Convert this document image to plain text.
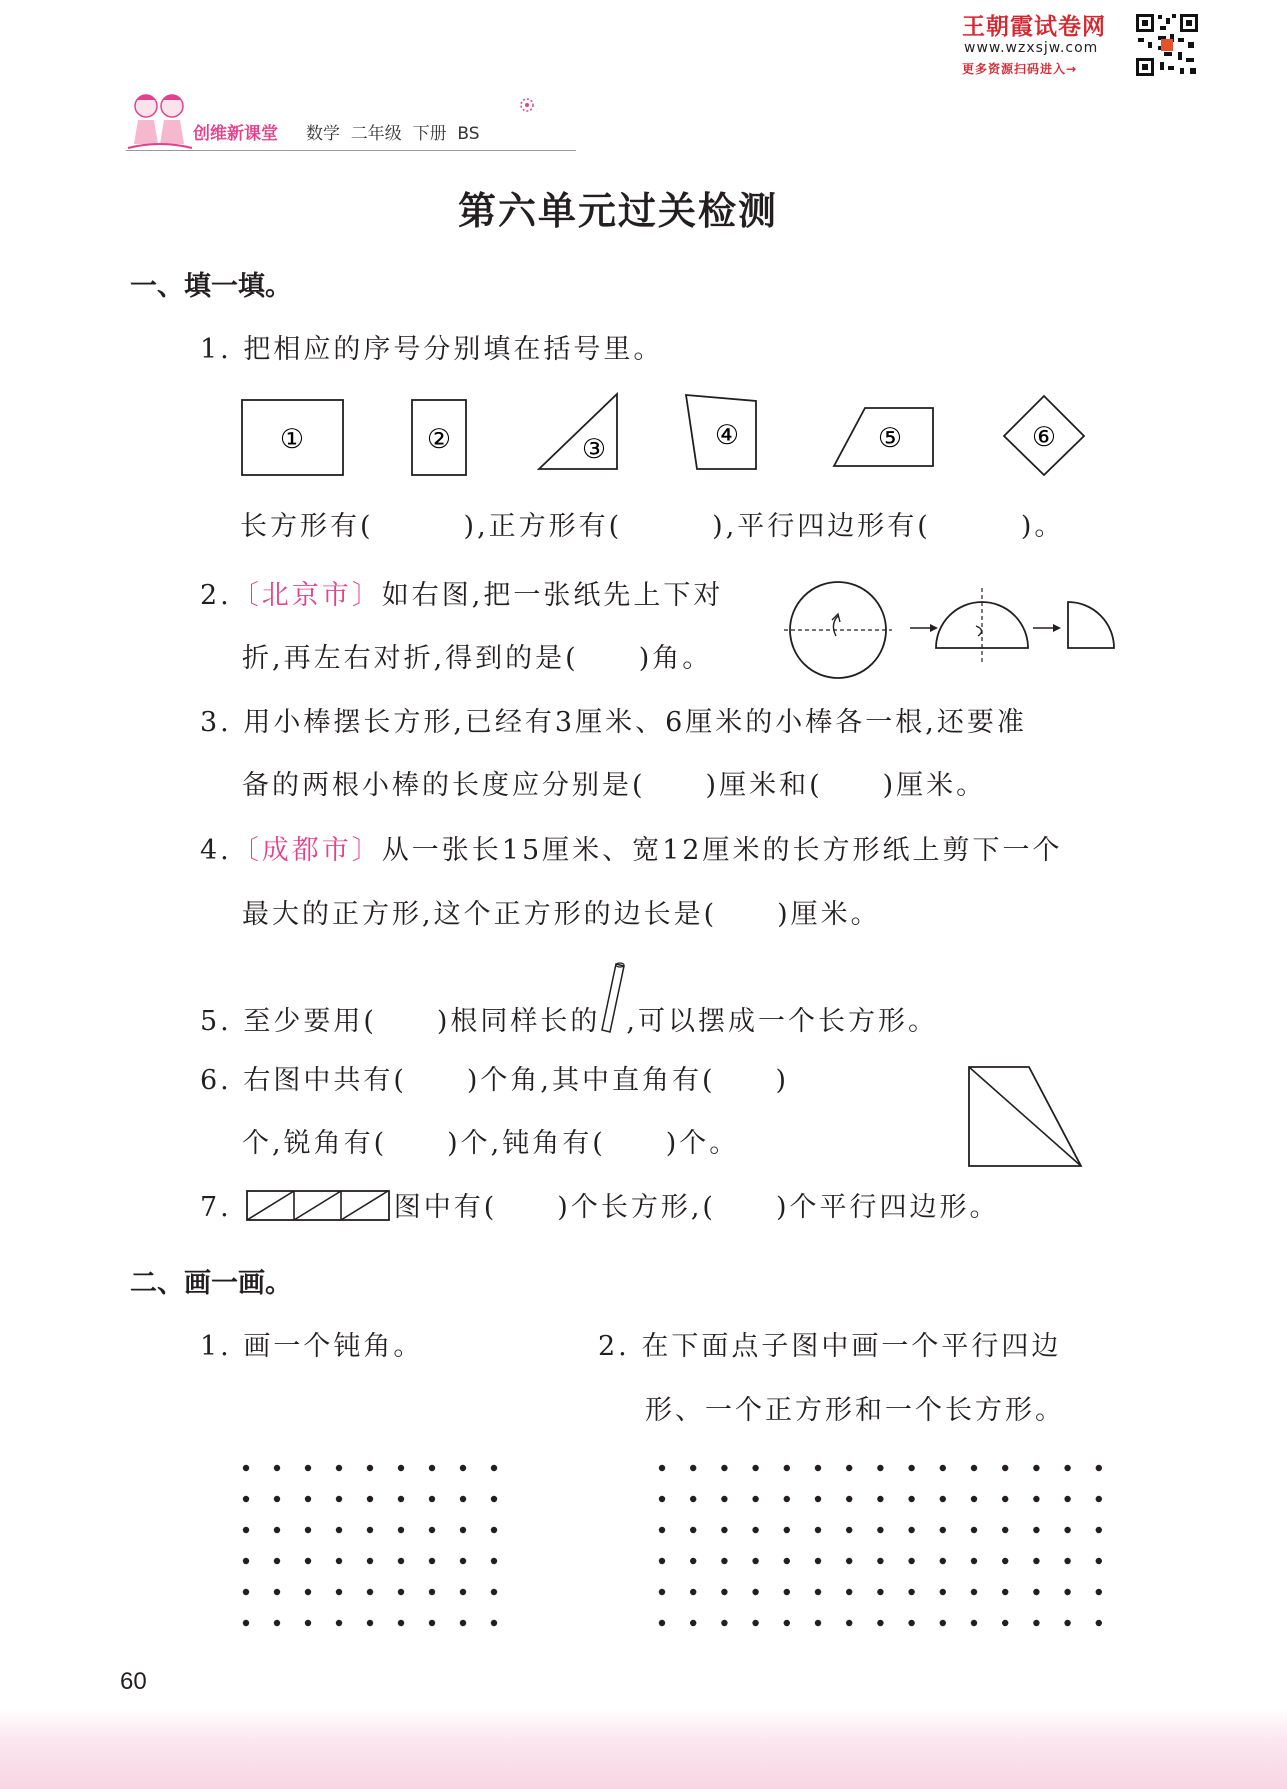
王朝霞试卷网
www.wzxsjw.com
更多资源扫码进入→
创维新课堂 数学  二年级  下册  BS
第六单元过关检测
一、填一填。
1. 把相应的序号分别填在括号里。
①	②	③	④	⑤	⑥
长方形有(　　　),正方形有(　　　),平行四边形有(　　　)。
2.〔北京市〕如右图,把一张纸先上下对
折,再左右对折,得到的是(　　)角。
3. 用小棒摆长方形,已经有3厘米、6厘米的小棒各一根,还要准
备的两根小棒的长度应分别是(　　)厘米和(　　)厘米。
4.〔成都市〕从一张长15厘米、宽12厘米的长方形纸上剪下一个
最大的正方形,这个正方形的边长是(　　)厘米。
5. 至少要用(　　)根同样长的 ,可以摆成一个长方形。
6. 右图中共有(　　)个角,其中直角有(　　)
个,锐角有(　　)个,钝角有(　　)个。
7.	图中有(　　)个长方形,(　　)个平行四边形。
二、画一画。
1. 画一个钝角。	2. 在下面点子图中画一个平行四边
形、一个正方形和一个长方形。
60
